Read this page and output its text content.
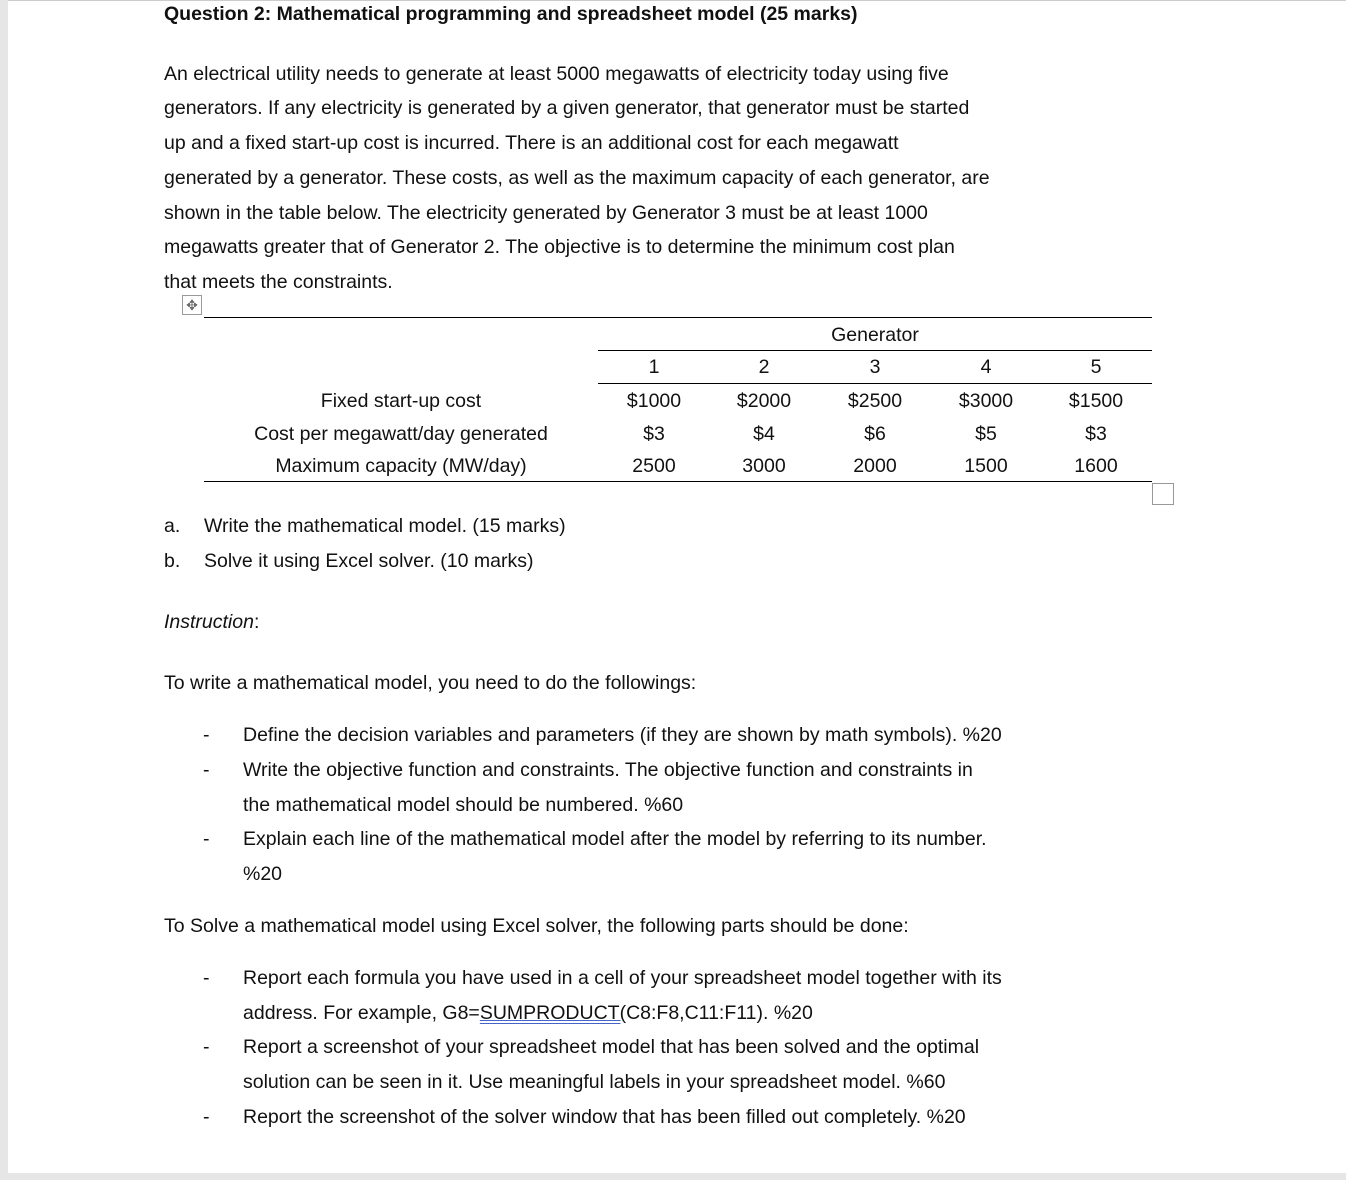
Question 2: Mathematical programming and spreadsheet model (25 marks)
An electrical utility needs to generate at least 5000 megawatts of electricity today using five
generators. If any electricity is generated by a given generator, that generator must be started
up and a fixed start-up cost is incurred. There is an additional cost for each megawatt
generated by a generator. These costs, as well as the maximum capacity of each generator, are
shown in the table below. The electricity generated by Generator 3 must be at least 1000
megawatts greater that of Generator 2. The objective is to determine the minimum cost plan
that meets the constraints.
✥
Generator
1	2	3	4	5
Fixed start-up cost	$1000	$2000	$2500	$3000	$1500
Cost per megawatt/day generated	$3	$4	$6	$5	$3
Maximum capacity (MW/day)	2500	3000	2000	1500	1600
a. Write the mathematical model. (15 marks)
b. Solve it using Excel solver. (10 marks)
Instruction:
To write a mathematical model, you need to do the followings:
- Define the decision variables and parameters (if they are shown by math symbols). %20
- Write the objective function and constraints. The objective function and constraints in
the mathematical model should be numbered. %60
- Explain each line of the mathematical model after the model by referring to its number.
%20
To Solve a mathematical model using Excel solver, the following parts should be done:
- Report each formula you have used in a cell of your spreadsheet model together with its
address. For example, G8=SUMPRODUCT(C8:F8,C11:F11). %20
- Report a screenshot of your spreadsheet model that has been solved and the optimal
solution can be seen in it. Use meaningful labels in your spreadsheet model. %60
- Report the screenshot of the solver window that has been filled out completely. %20
